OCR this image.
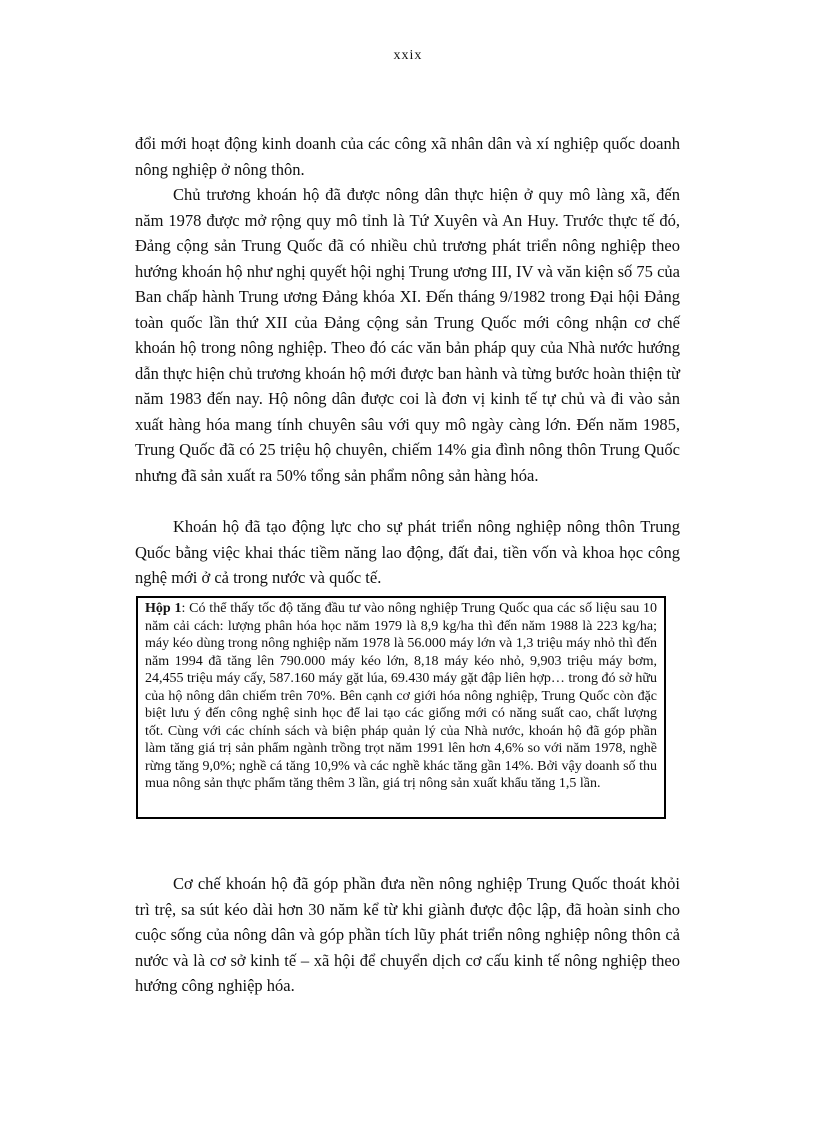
xxix

đổi mới hoạt động kinh doanh của các công xã nhân dân và xí nghiệp quốc doanh nông nghiệp ở nông thôn.

Chủ trương khoán hộ đã được nông dân thực hiện ở quy mô làng xã, đến năm 1978 được mở rộng quy mô tỉnh là Tứ Xuyên và An Huy. Trước thực tế đó, Đảng cộng sản Trung Quốc đã có nhiều chủ trương phát triển nông nghiệp theo hướng khoán hộ như nghị quyết hội nghị Trung ương III, IV và văn kiện số 75 của Ban chấp hành Trung ương Đảng khóa XI. Đến tháng 9/1982 trong Đại hội Đảng toàn quốc lần thứ XII của Đảng cộng sản Trung Quốc mới công nhận cơ chế khoán hộ trong nông nghiệp. Theo đó các văn bản pháp quy của Nhà nước hướng dẫn thực hiện chủ trương khoán hộ mới được ban hành và từng bước hoàn thiện từ năm 1983 đến nay. Hộ nông dân được coi là đơn vị kinh tế tự chủ và đi vào sản xuất hàng hóa mang tính chuyên sâu với quy mô ngày càng lớn. Đến năm 1985, Trung Quốc đã có 25 triệu hộ chuyên, chiếm 14% gia đình nông thôn Trung Quốc nhưng đã sản xuất ra 50% tổng sản phẩm nông sản hàng hóa.

Khoán hộ đã tạo động lực cho sự phát triển nông nghiệp nông thôn Trung Quốc bằng việc khai thác tiềm năng lao động, đất đai, tiền vốn và khoa học công nghệ mới ở cả trong nước và quốc tế.

Hộp 1: Có thể thấy tốc độ tăng đầu tư vào nông nghiệp Trung Quốc qua các số liệu sau 10 năm cải cách: lượng phân hóa học năm 1979 là 8,9 kg/ha thì đến năm 1988 là 223 kg/ha; máy kéo dùng trong nông nghiệp năm 1978 là 56.000 máy lớn và 1,3 triệu máy nhỏ thì đến năm 1994 đã tăng lên 790.000 máy kéo lớn, 8,18 máy kéo nhỏ, 9,903 triệu máy bơm, 24,455 triệu máy cấy, 587.160 máy gặt lúa, 69.430 máy gặt đập liên hợp… trong đó sở hữu của hộ nông dân chiếm trên 70%. Bên cạnh cơ giới hóa nông nghiệp, Trung Quốc còn đặc biệt lưu ý đến công nghệ sinh học để lai tạo các giống mới có năng suất cao, chất lượng tốt. Cùng với các chính sách và biện pháp quản lý của Nhà nước, khoán hộ đã góp phần làm tăng giá trị sản phẩm ngành trồng trọt năm 1991 lên hơn 4,6% so với năm 1978, nghề rừng tăng 9,0%; nghề cá tăng 10,9% và các nghề khác tăng gần 14%. Bởi vậy doanh số thu mua nông sản thực phẩm tăng thêm 3 lần, giá trị nông sản xuất khẩu tăng 1,5 lần.

Cơ chế khoán hộ đã góp phần đưa nền nông nghiệp Trung Quốc thoát khỏi trì trệ, sa sút kéo dài hơn 30 năm kể từ khi giành được độc lập, đã hoàn sinh cho cuộc sống của nông dân và góp phần tích lũy phát triển nông nghiệp nông thôn cả nước và là cơ sở kinh tế – xã hội để chuyển dịch cơ cấu kinh tế nông nghiệp theo hướng công nghiệp hóa.
